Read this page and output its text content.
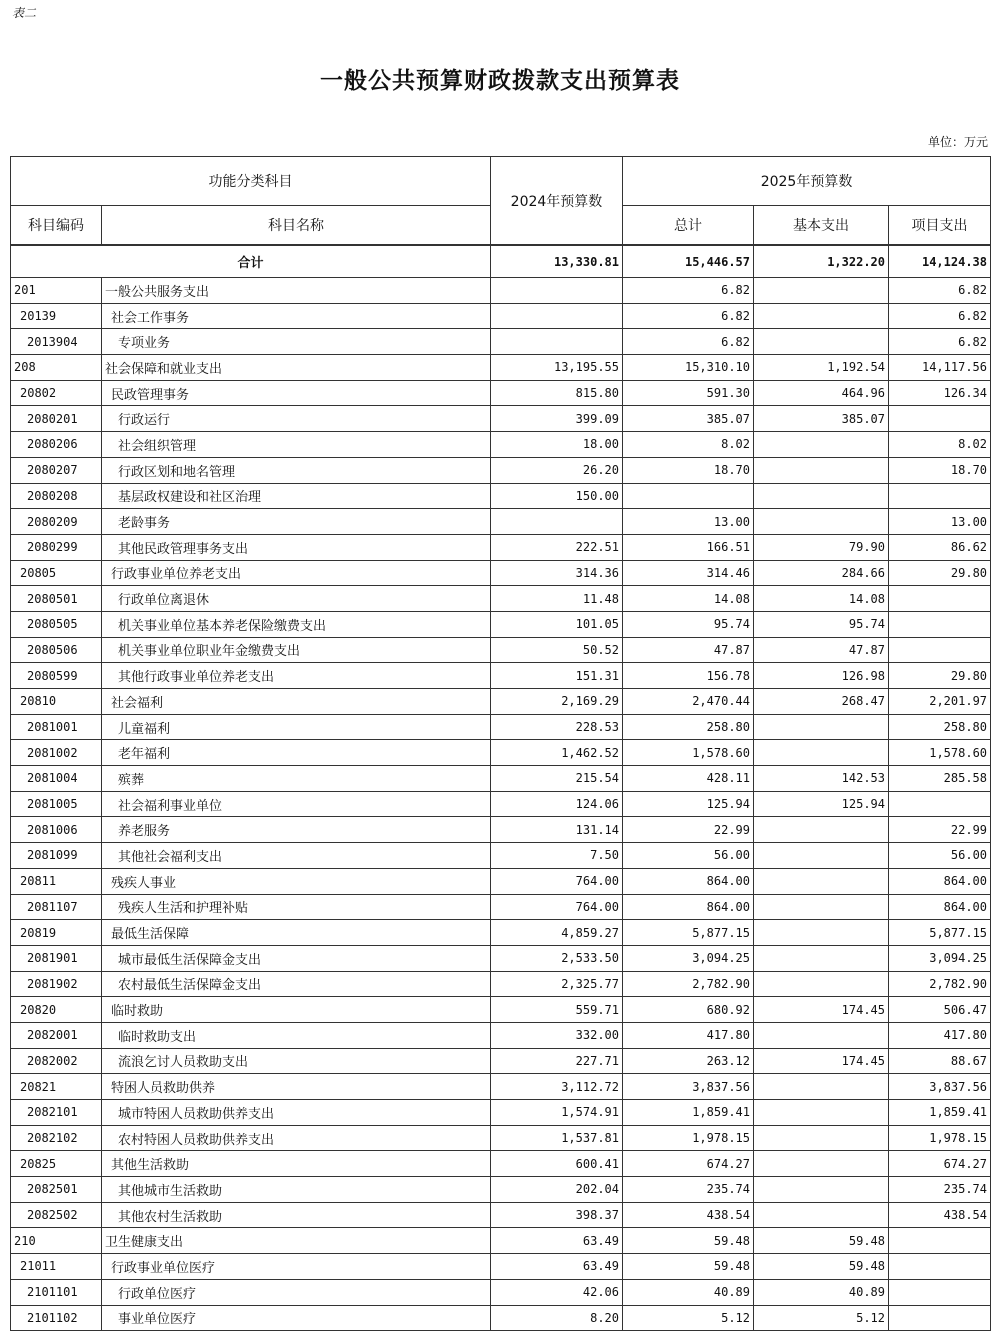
表二
一般公共预算财政拨款支出预算表
单位：万元
功能分类科目		2024年预算数	2025年预算数		
科目编码	科目名称		总计	基本支出	项目支出
合计		13,330.81	15,446.57	1,322.20	14,124.38
201	一般公共服务支出		6.82		6.82
20139	社会工作事务		6.82		6.82
2013904	专项业务		6.82		6.82
208	社会保障和就业支出	13,195.55	15,310.10	1,192.54	14,117.56
20802	民政管理事务	815.80	591.30	464.96	126.34
2080201	行政运行	399.09	385.07	385.07	
2080206	社会组织管理	18.00	8.02		8.02
2080207	行政区划和地名管理	26.20	18.70		18.70
2080208	基层政权建设和社区治理	150.00			
2080209	老龄事务		13.00		13.00
2080299	其他民政管理事务支出	222.51	166.51	79.90	86.62
20805	行政事业单位养老支出	314.36	314.46	284.66	29.80
2080501	行政单位离退休	11.48	14.08	14.08	
2080505	机关事业单位基本养老保险缴费支出	101.05	95.74	95.74	
2080506	机关事业单位职业年金缴费支出	50.52	47.87	47.87	
2080599	其他行政事业单位养老支出	151.31	156.78	126.98	29.80
20810	社会福利	2,169.29	2,470.44	268.47	2,201.97
2081001	儿童福利	228.53	258.80		258.80
2081002	老年福利	1,462.52	1,578.60		1,578.60
2081004	殡葬	215.54	428.11	142.53	285.58
2081005	社会福利事业单位	124.06	125.94	125.94	
2081006	养老服务	131.14	22.99		22.99
2081099	其他社会福利支出	7.50	56.00		56.00
20811	残疾人事业	764.00	864.00		864.00
2081107	残疾人生活和护理补贴	764.00	864.00		864.00
20819	最低生活保障	4,859.27	5,877.15		5,877.15
2081901	城市最低生活保障金支出	2,533.50	3,094.25		3,094.25
2081902	农村最低生活保障金支出	2,325.77	2,782.90		2,782.90
20820	临时救助	559.71	680.92	174.45	506.47
2082001	临时救助支出	332.00	417.80		417.80
2082002	流浪乞讨人员救助支出	227.71	263.12	174.45	88.67
20821	特困人员救助供养	3,112.72	3,837.56		3,837.56
2082101	城市特困人员救助供养支出	1,574.91	1,859.41		1,859.41
2082102	农村特困人员救助供养支出	1,537.81	1,978.15		1,978.15
20825	其他生活救助	600.41	674.27		674.27
2082501	其他城市生活救助	202.04	235.74		235.74
2082502	其他农村生活救助	398.37	438.54		438.54
210	卫生健康支出	63.49	59.48	59.48	
21011	行政事业单位医疗	63.49	59.48	59.48	
2101101	行政单位医疗	42.06	40.89	40.89	
2101102	事业单位医疗	8.20	5.12	5.12	
